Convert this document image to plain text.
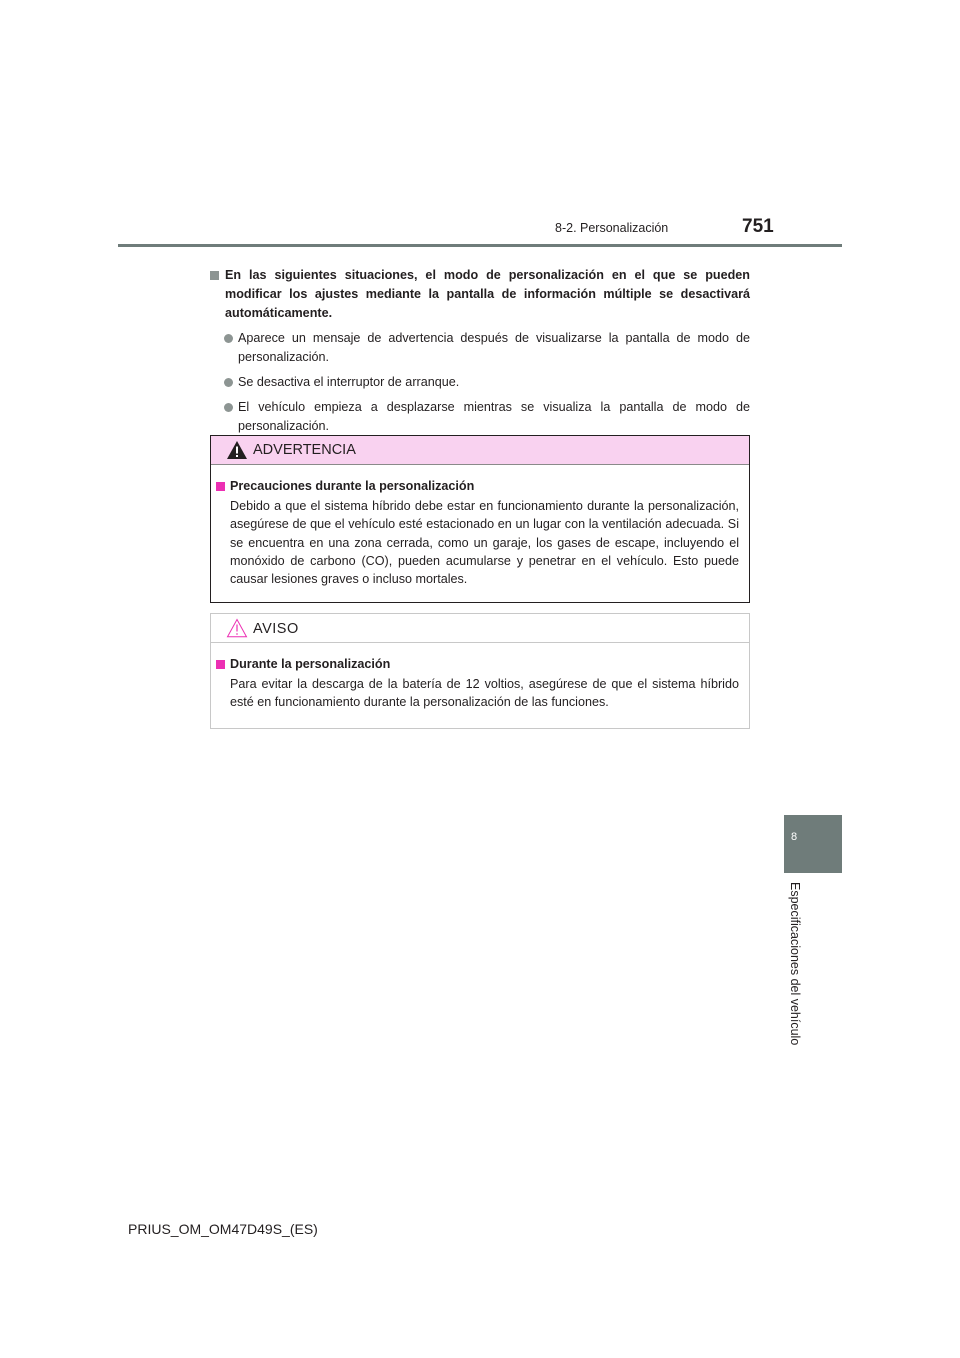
8-2. Personalización	751
En las siguientes situaciones, el modo de personalización en el que se pueden modificar los ajustes mediante la pantalla de información múltiple se desactivará automáticamente.
Aparece un mensaje de advertencia después de visualizarse la pantalla de modo de personalización.
Se desactiva el interruptor de arranque.
El vehículo empieza a desplazarse mientras se visualiza la pantalla de modo de personalización.
ADVERTENCIA
Precauciones durante la personalización
Debido a que el sistema híbrido debe estar en funcionamiento durante la personalización, asegúrese de que el vehículo esté estacionado en un lugar con la ventilación adecuada. Si se encuentra en una zona cerrada, como un garaje, los gases de escape, incluyendo el monóxido de carbono (CO), pueden acumularse y penetrar en el vehículo. Esto puede causar lesiones graves o incluso mortales.
AVISO
Durante la personalización
Para evitar la descarga de la batería de 12 voltios, asegúrese de que el sistema híbrido esté en funcionamiento durante la personalización de las funciones.
8
Especificaciones del vehículo
PRIUS_OM_OM47D49S_(ES)
